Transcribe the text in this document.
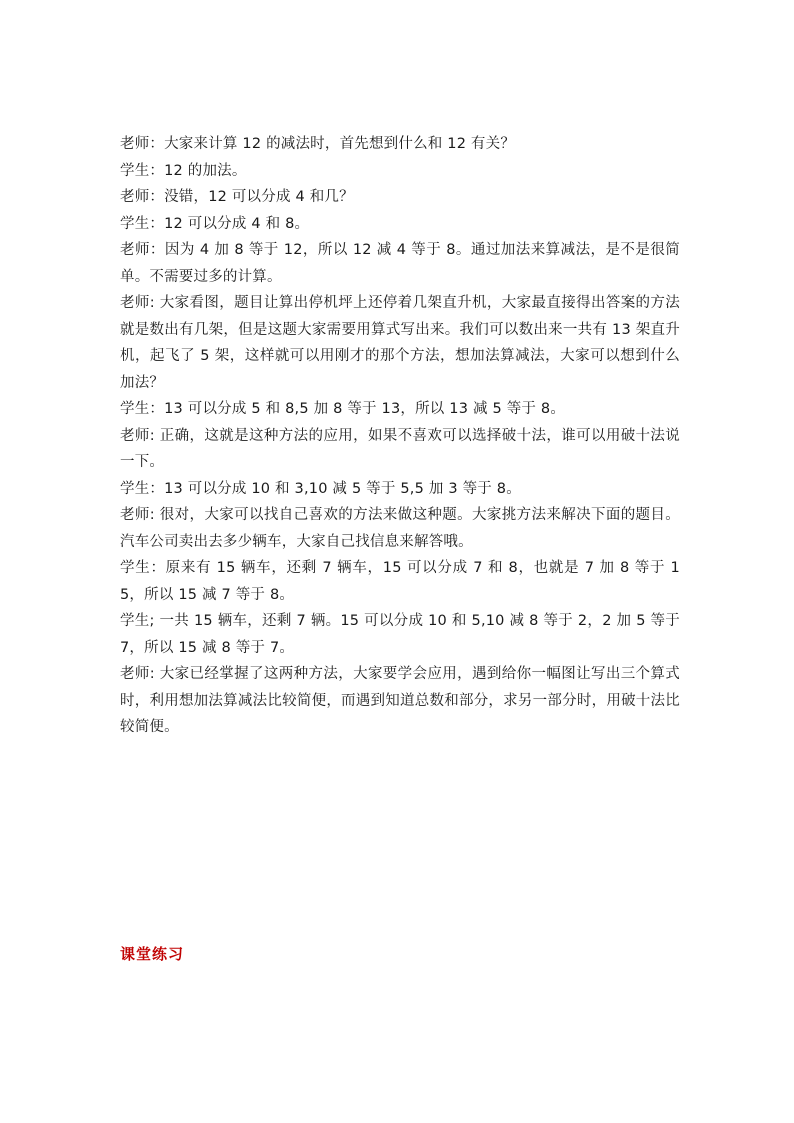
老师：大家来计算 12 的减法时，首先想到什么和 12 有关？

学生：12 的加法。

老师：没错，12 可以分成 4 和几？

学生：12 可以分成 4 和 8。

老师：因为 4 加 8 等于 12，所以 12 减 4 等于 8。通过加法来算减法，是不是很简单。不需要过多的计算。

老师: 大家看图，题目让算出停机坪上还停着几架直升机，大家最直接得出答案的方法就是数出有几架，但是这题大家需要用算式写出来。我们可以数出来一共有 13 架直升机，起飞了 5 架，这样就可以用刚才的那个方法，想加法算减法，大家可以想到什么加法？

学生：13 可以分成 5 和 8,5 加 8 等于 13，所以 13 减 5 等于 8。

老师: 正确，这就是这种方法的应用，如果不喜欢可以选择破十法，谁可以用破十法说一下。

学生：13 可以分成 10 和 3,10 减 5 等于 5,5 加 3 等于 8。

老师: 很对，大家可以找自己喜欢的方法来做这种题。大家挑方法来解决下面的题目。汽车公司卖出去多少辆车，大家自己找信息来解答哦。

学生：原来有 15 辆车，还剩 7 辆车，15 可以分成 7 和 8，也就是 7 加 8 等于 15，所以 15 减 7 等于 8。

学生; 一共 15 辆车，还剩 7 辆。15 可以分成 10 和 5,10 减 8 等于 2，2 加 5 等于 7，所以 15 减 8 等于 7。

老师: 大家已经掌握了这两种方法，大家要学会应用，遇到给你一幅图让写出三个算式时，利用想加法算减法比较简便，而遇到知道总数和部分，求另一部分时，用破十法比较简便。

课堂练习
